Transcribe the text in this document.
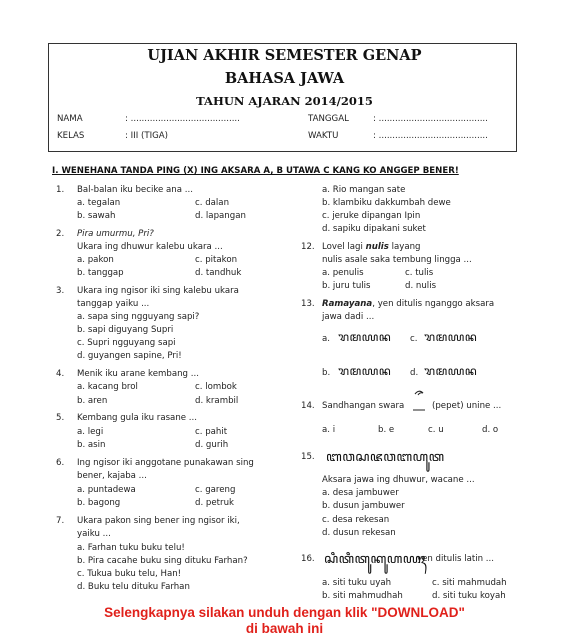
UJIAN AKHIR SEMESTER GENAP
BAHASA JAWA
TAHUN AJARAN 2014/2015
NAMA	: ........................................	TANGGAL	: ........................................
KELAS	: III (TIGA)	WAKTU	: ........................................
I. WENEHANA TANDA PING (X) ING AKSARA A, B UTAWA C KANG KO ANGGEP BENER!
1. Bal-balan iku becike ana ...
a. tegalan	c. dalan
b. sawah	d. lapangan
2. Pira umurmu, Pri?
Ukara ing dhuwur kalebu ukara ...
a. pakon	c. pitakon
b. tanggap	d. tandhuk
3. Ukara ing ngisor iki sing kalebu ukara
tanggap yaiku ...
a. sapa sing ngguyang sapi?
b. sapi diguyang Supri
c. Supri ngguyang sapi
d. guyangen sapine, Pri!
4. Menik iku arane kembang ...
a. kacang brol	c. lombok
b. aren	d. krambil
5. Kembang gula iku rasane ...
a. legi	c. pahit
b. asin	d. gurih
6. Ing ngisor iki anggotane punakawan sing
bener, kajaba ...
a. puntadewa	c. gareng
b. bagong	d. petruk
7. Ukara pakon sing bener ing ngisor iki,
yaiku ...
a. Farhan tuku buku telu!
b. Pira cacahe buku sing dituku Farhan?
c. Tukua buku telu, Han!
d. Buku telu dituku Farhan
a. Rio mangan sate
b. klambiku dakkumbah dewe
c. jeruke dipangan Ipin
d. sapiku dipakani suket
12. Lovel lagi nulis layang
nulis asale saka tembung lingga ...
a. penulis	c. tulis
b. juru tulis	d. nulis
13. Ramayana, yen ditulis nganggo aksara
jawa dadi ...
a. ꦫꦩꦪꦤ c. ꦫꦩꦪꦤ
b. ꦫꦩꦪꦤ d. ꦫꦩꦪꦤ
14. Sandhangan swara	(pepet) unine ...
a. i	b. e	c. u	d. o
15. ꦧꦮꦱꦗꦮꦧꦲꦸꦠ
Aksara jawa ing dhuwur, wacane ...
a. desa jambuwer
b. dusun jambuwer
c. desa rekesan
d. dusun rekesan
16. ꦱꦶꦠꦶꦠꦸꦏꦸꦲꦪꦃ
yen ditulis latin ...
a. siti tuku uyah	c. siti mahmudah
b. siti mahmudhah	d. siti tuku koyah
Selengkapnya silakan unduh dengan klik "DOWNLOAD"
di bawah ini
